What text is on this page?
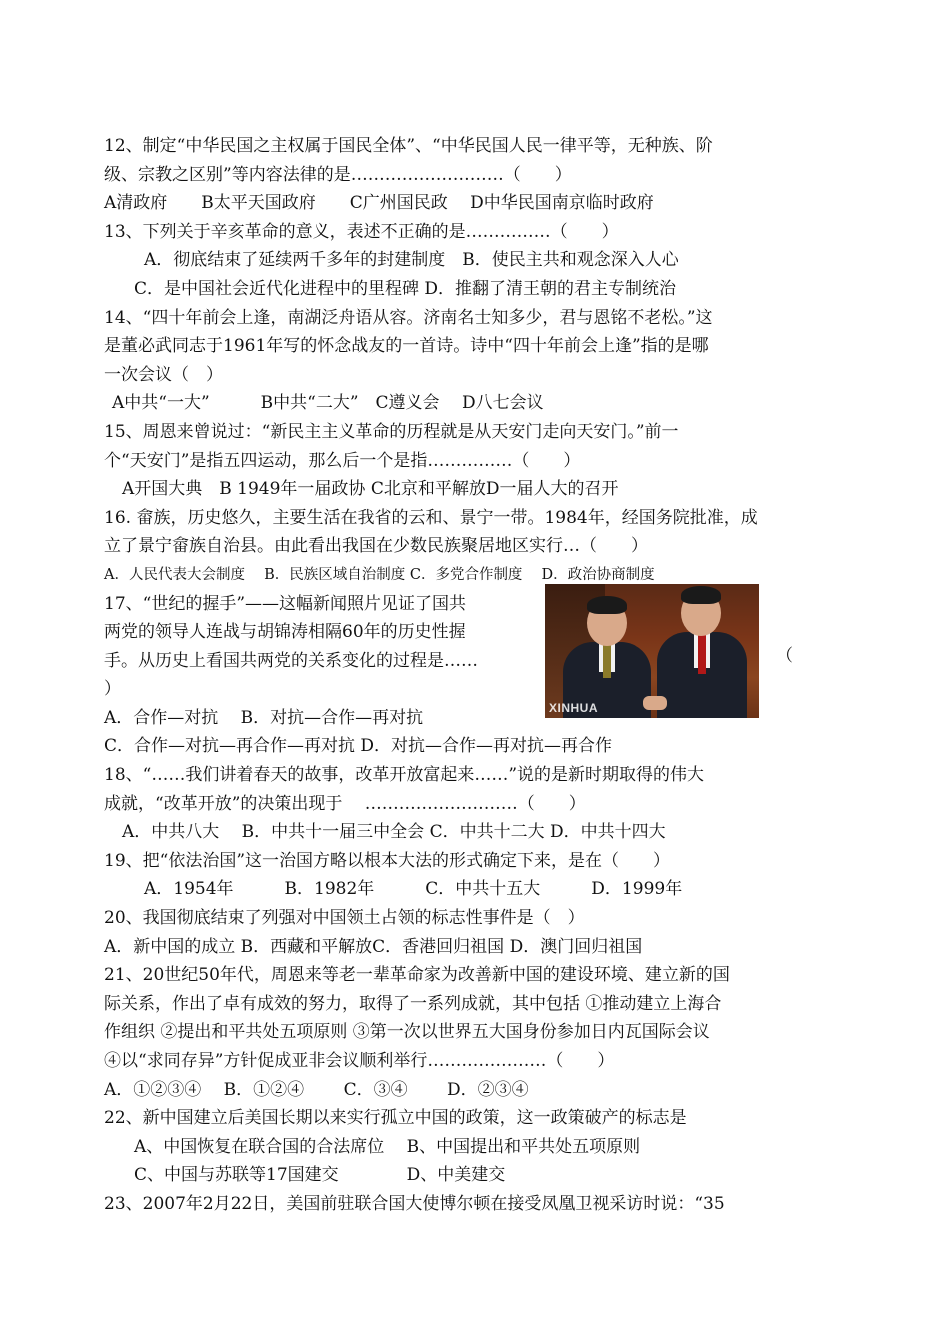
12、制定“中华民国之主权属于国民全体”、“中华民国人民一律平等，无种族、阶
级、宗教之区别”等内容法律的是………………………（　　）
A清政府　　B太平天国政府　　C广州国民政　 D中华民国南京临时政府
13、下列关于辛亥革命的意义，表述不正确的是……………（　　）
A．彻底结束了延续两千多年的封建制度　B．使民主共和观念深入人心
C．是中国社会近代化进程中的里程碑 D．推翻了清王朝的君主专制统治
14、“四十年前会上逢，南湖泛舟语从容。济南名士知多少，君与恩铭不老松。”这
是董必武同志于1961年写的怀念战友的一首诗。诗中“四十年前会上逢”指的是哪
一次会议（　）
A中共“一大”　　　B中共“二大”　C遵义会　 D八七会议
15、周恩来曾说过：“新民主主义革命的历程就是从天安门走向天安门。”前一
个“天安门”是指五四运动，那么后一个是指……………（　　）
A开国大典　B 1949年一届政协 C北京和平解放D一届人大的召开
16. 畲族，历史悠久，主要生活在我省的云和、景宁一带。1984年，经国务院批准，成
立了景宁畲族自治县。由此看出我国在少数民族聚居地区实行…（　　）
A．人民代表大会制度　 B．民族区域自治制度 C．多党合作制度　 D．政治协商制度
17、“世纪的握手”——这幅新闻照片见证了国共
两党的领导人连战与胡锦涛相隔60年的历史性握
手。从历史上看国共两党的关系变化的过程是……
）
A．合作—对抗　 B．对抗—合作—再对抗
C．合作—对抗—再合作—再对抗 D．对抗—合作—再对抗—再合作
18、“……我们讲着春天的故事，改革开放富起来……”说的是新时期取得的伟大
成就，“改革开放”的决策出现于　 ………………………（　　）
A．中共八大　 B．中共十一届三中全会 C．中共十二大 D．中共十四大
19、把“依法治国”这一治国方略以根本大法的形式确定下来，是在（　　）
A．1954年　　　B．1982年　　　C．中共十五大　　　D．1999年
20、我国彻底结束了列强对中国领土占领的标志性事件是（　）
A．新中国的成立 B．西藏和平解放C．香港回归祖国 D．澳门回归祖国
21、20世纪50年代，周恩来等老一辈革命家为改善新中国的建设环境、建立新的国
际关系，作出了卓有成效的努力，取得了一系列成就，其中包括 ①推动建立上海合
作组织 ②提出和平共处五项原则 ③第一次以世界五大国身份参加日内瓦国际会议
④以“求同存异”方针促成亚非会议顺利举行…………………（　　）
A．①②③④　 B．①②④　　 C．③④　　 D．②③④
22、新中国建立后美国长期以来实行孤立中国的政策，这一政策破产的标志是
A、中国恢复在联合国的合法席位　 B、中国提出和平共处五项原则
C、中国与苏联等17国建交　　　　D、中美建交
23、2007年2月22日，美国前驻联合国大使博尔顿在接受凤凰卫视采访时说：“35
（
XINHUA
